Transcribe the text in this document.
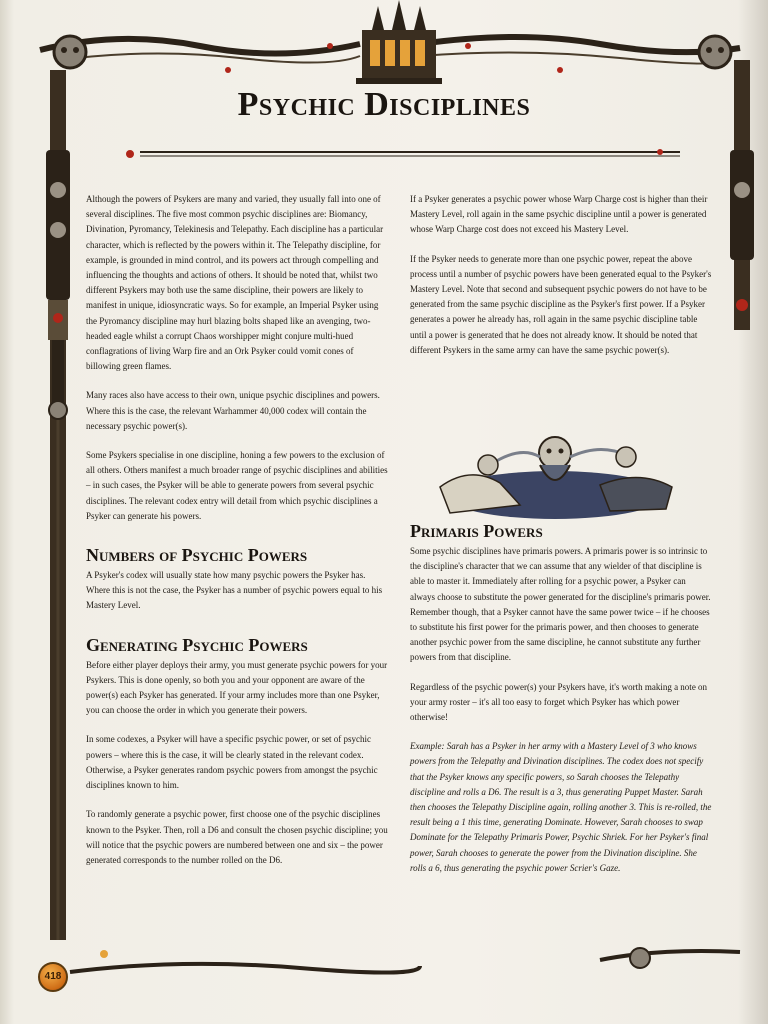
Psychic Disciplines

Although the powers of Psykers are many and varied, they usually fall into one of several disciplines. The five most common psychic disciplines are: Biomancy, Divination, Pyromancy, Telekinesis and Telepathy. Each discipline has a particular character, which is reflected by the powers within it. The Telepathy discipline, for example, is grounded in mind control, and its powers act through compelling and influencing the thoughts and actions of others. It should be noted that, whilst two different Psykers may both use the same discipline, their powers are likely to manifest in unique, idiosyncratic ways. So for example, an Imperial Psyker using the Pyromancy discipline may hurl blazing bolts shaped like an avenging, two-headed eagle whilst a corrupt Chaos worshipper might conjure multi-hued conflagrations of living Warp fire and an Ork Psyker could vomit cones of billowing green flames.

Many races also have access to their own, unique psychic disciplines and powers. Where this is the case, the relevant Warhammer 40,000 codex will contain the necessary psychic power(s).

Some Psykers specialise in one discipline, honing a few powers to the exclusion of all others. Others manifest a much broader range of psychic disciplines and abilities – in such cases, the Psyker will be able to generate powers from several psychic disciplines. The relevant codex entry will detail from which psychic disciplines a Psyker can generate his powers.

Numbers of Psychic Powers

A Psyker's codex will usually state how many psychic powers the Psyker has. Where this is not the case, the Psyker has a number of psychic powers equal to his Mastery Level.

Generating Psychic Powers

Before either player deploys their army, you must generate psychic powers for your Psykers. This is done openly, so both you and your opponent are aware of the power(s) each Psyker has generated. If your army includes more than one Psyker, you can choose the order in which you generate their powers.

In some codexes, a Psyker will have a specific psychic power, or set of psychic powers – where this is the case, it will be clearly stated in the relevant codex. Otherwise, a Psyker generates random psychic powers from amongst the psychic disciplines known to him.

To randomly generate a psychic power, first choose one of the psychic disciplines known to the Psyker. Then, roll a D6 and consult the chosen psychic discipline; you will notice that the psychic powers are numbered between one and six – the power generated corresponds to the number rolled on the D6.

If a Psyker generates a psychic power whose Warp Charge cost is higher than their Mastery Level, roll again in the same psychic discipline until a power is generated whose Warp Charge cost does not exceed his Mastery Level.

If the Psyker needs to generate more than one psychic power, repeat the above process until a number of psychic powers have been generated equal to the Psyker's Mastery Level. Note that second and subsequent psychic powers do not have to be generated from the same psychic discipline as the Psyker's first power. If a Psyker generates a power he already has, roll again in the same psychic discipline table until a power is generated that he does not already know. It should be noted that different Psykers in the same army can have the same psychic power(s).

Primaris Powers

Some psychic disciplines have primaris powers. A primaris power is so intrinsic to the discipline's character that we can assume that any wielder of that discipline is able to master it. Immediately after rolling for a psychic power, a Psyker can always choose to substitute the power generated for the discipline's primaris power. Remember though, that a Psyker cannot have the same power twice – if he chooses to substitute his first power for the primaris power, and then chooses to generate another psychic power from the same discipline, he cannot substitute any further powers from that discipline.

Regardless of the psychic power(s) your Psykers have, it's worth making a note on your army roster – it's all too easy to forget which Psyker has which power otherwise!

Example: Sarah has a Psyker in her army with a Mastery Level of 3 who knows powers from the Telepathy and Divination disciplines. The codex does not specify that the Psyker knows any specific powers, so Sarah chooses the Telepathy discipline and rolls a D6. The result is a 3, thus generating Puppet Master. Sarah then chooses the Telepathy Discipline again, rolling another 3. This is re-rolled, the result being a 1 this time, generating Dominate. However, Sarah chooses to swap Dominate for the Telepathy Primaris Power, Psychic Shriek. For her Psyker's final power, Sarah chooses to generate the power from the Divination discipline. She rolls a 6, thus generating the psychic power Scrier's Gaze.

418
